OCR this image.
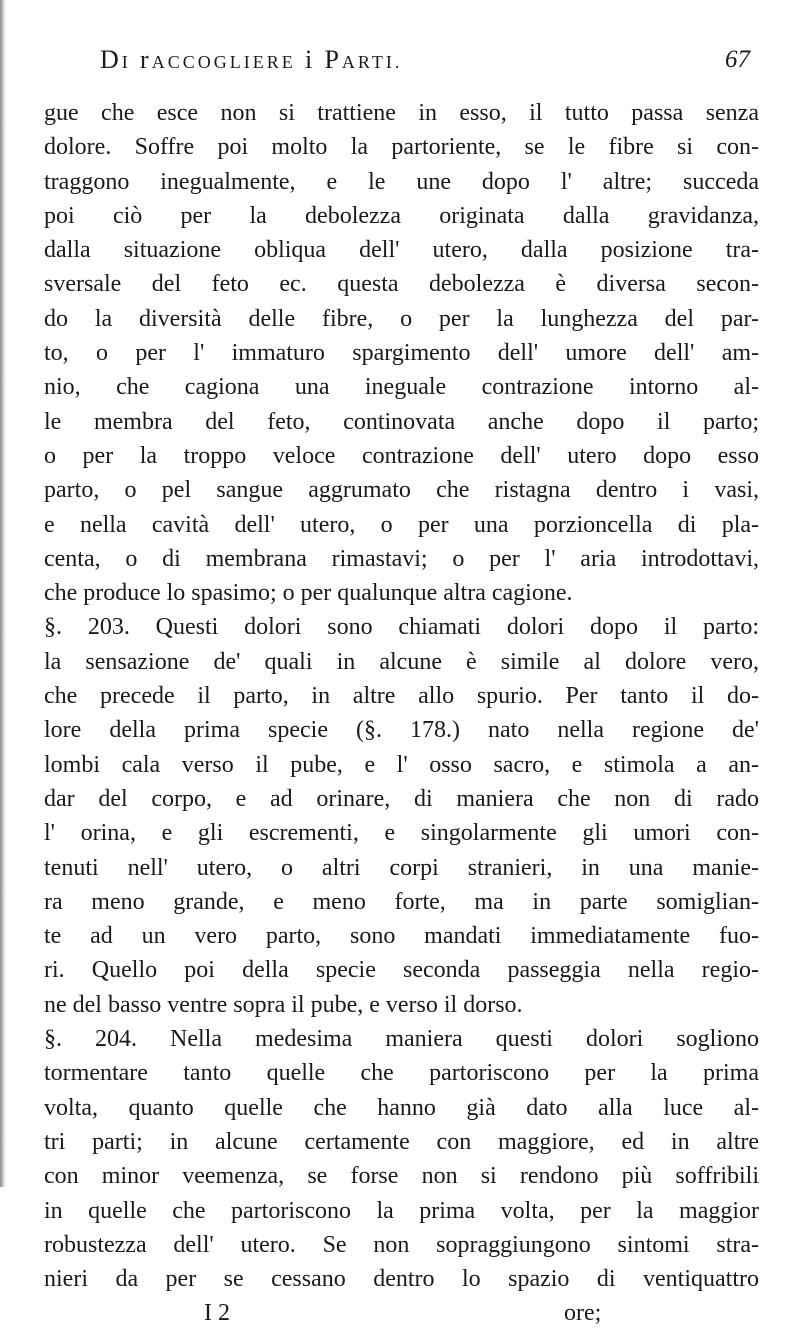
DI rACCOGLIERE i PARTI.	67
gue che esce non si trattiene in esso, il tutto passa senza
dolore. Soffre poi molto la partoriente, se le fibre si con-
traggono inegualmente, e le une dopo l' altre; succeda
poi ciò per la debolezza originata dalla gravidanza,
dalla situazione obliqua dell' utero, dalla posizione tra-
sversale del feto ec. questa debolezza è diversa secon-
do la diversità delle fibre, o per la lunghezza del par-
to, o per l' immaturo spargimento dell' umore dell' am-
nio, che cagiona una ineguale contrazione intorno al-
le membra del feto, continovata anche dopo il parto;
o per la troppo veloce contrazione dell' utero dopo esso
parto, o pel sangue aggrumato che ristagna dentro i vasi,
e nella cavità dell' utero, o per una porzioncella di pla-
centa, o di membrana rimastavi; o per l' aria introdottavi,
che produce lo spasimo; o per qualunque altra cagione.
§. 203. Questi dolori sono chiamati dolori dopo il parto:
la sensazione de' quali in alcune è simile al dolore vero,
che precede il parto, in altre allo spurio. Per tanto il do-
lore della prima specie (§. 178.) nato nella regione de'
lombi cala verso il pube, e l' osso sacro, e stimola a an-
dar del corpo, e ad orinare, di maniera che non di rado
l' orina, e gli escrementi, e singolarmente gli umori con-
tenuti nell' utero, o altri corpi stranieri, in una manie-
ra meno grande, e meno forte, ma in parte somiglian-
te ad un vero parto, sono mandati immediatamente fuo-
ri. Quello poi della specie seconda passeggia nella regio-
ne del basso ventre sopra il pube, e verso il dorso.
§. 204. Nella medesima maniera questi dolori sogliono
tormentare tanto quelle che partoriscono per la prima
volta, quanto quelle che hanno già dato alla luce al-
tri parti; in alcune certamente con maggiore, ed in altre
con minor veemenza, se forse non si rendono più soffribili
in quelle che partoriscono la prima volta, per la maggior
robustezza dell' utero. Se non sopraggiungono sintomi stra-
nieri da per se cessano dentro lo spazio di ventiquattro
I 2	ore;
